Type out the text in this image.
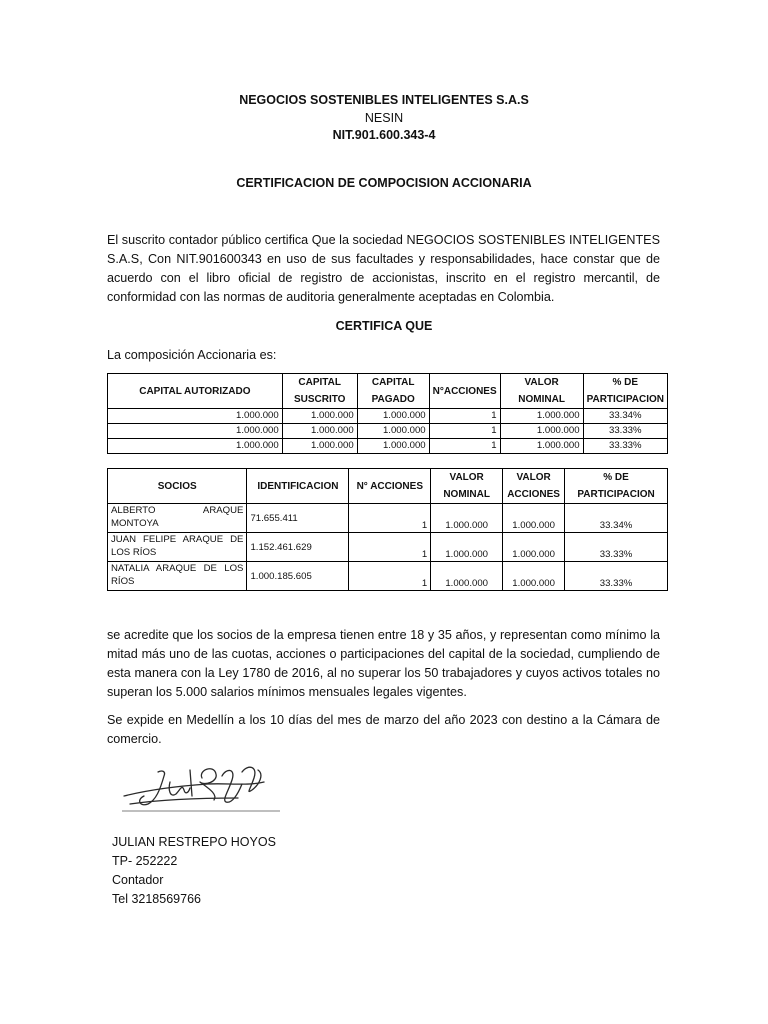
NEGOCIOS SOSTENIBLES INTELIGENTES S.A.S
NESIN
NIT.901.600.343-4
CERTIFICACION DE COMPOCISION ACCIONARIA
El suscrito contador público certifica Que la sociedad NEGOCIOS SOSTENIBLES INTELIGENTES S.A.S, Con NIT.901600343 en uso de sus facultades y responsabilidades, hace constar que de acuerdo con el libro oficial de registro de accionistas, inscrito en el registro mercantil, de conformidad con las normas de auditoria generalmente aceptadas en Colombia.
CERTIFICA QUE
La composición Accionaria es:
CAPITAL AUTORIZADO	CAPITAL SUSCRITO	CAPITAL PAGADO	N°ACCIONES	VALOR NOMINAL	% DE PARTICIPACION
1.000.000	1.000.000	1.000.000	1	1.000.000	33.34%
1.000.000	1.000.000	1.000.000	1	1.000.000	33.33%
1.000.000	1.000.000	1.000.000	1	1.000.000	33.33%
SOCIOS	IDENTIFICACION	N° ACCIONES	VALOR NOMINAL	VALOR ACCIONES	% DE PARTICIPACION
ALBERTO ARAQUE MONTOYA	71.655.411	1	1.000.000	1.000.000	33.34%
JUAN FELIPE ARAQUE DE LOS RÍOS	1.152.461.629	1	1.000.000	1.000.000	33.33%
NATALIA ARAQUE DE LOS RÍOS	1.000.185.605	1	1.000.000	1.000.000	33.33%
se acredite que los socios de la empresa tienen entre 18 y 35 años, y representan como mínimo la mitad más uno de las cuotas, acciones o participaciones del capital de la sociedad, cumpliendo de esta manera con la Ley 1780 de 2016, al no superar los 50 trabajadores y cuyos activos totales no superan los 5.000 salarios mínimos mensuales legales vigentes.
Se expide en Medellín a los 10 días del mes de marzo del año 2023 con destino a la Cámara de comercio.
JULIAN RESTREPO HOYOS
TP- 252222
Contador
Tel 3218569766
